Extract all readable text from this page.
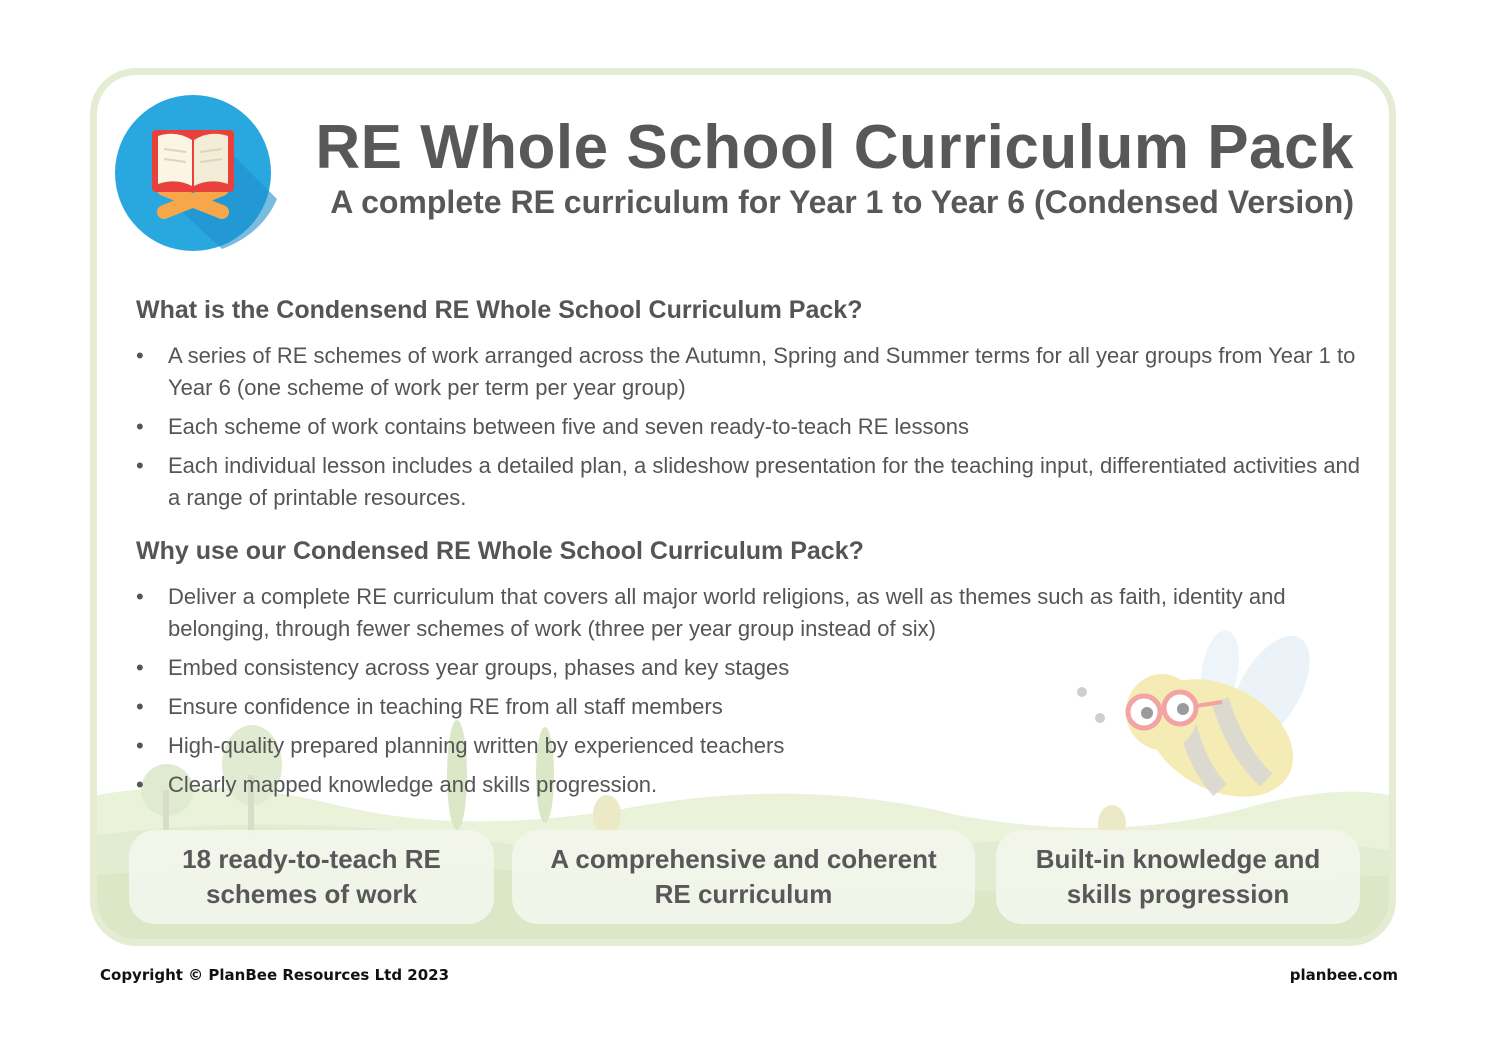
RE Whole School Curriculum Pack
A complete RE curriculum for Year 1 to Year 6 (Condensed Version)
What is the Condensend RE Whole School Curriculum Pack?
• A series of RE schemes of work arranged across the Autumn, Spring and Summer terms for all year groups from Year 1 to Year 6 (one scheme of work per term per year group)
• Each scheme of work contains between five and seven ready-to-teach RE lessons
• Each individual lesson includes a detailed plan, a slideshow presentation for the teaching input, differentiated activities and a range of printable resources.
Why use our Condensed RE Whole School Curriculum Pack?
• Deliver a complete RE curriculum that covers all major world religions, as well as themes such as faith, identity and belonging, through fewer schemes of work (three per year group instead of six)
• Embed consistency across year groups, phases and key stages
• Ensure confidence in teaching RE from all staff members
• High-quality prepared planning written by experienced teachers
• Clearly mapped knowledge and skills progression.
18 ready-to-teach RE
schemes of work
A comprehensive and coherent
RE curriculum
Built-in knowledge and
skills progression

Copyright © PlanBee Resources Ltd 2023	planbee.com
